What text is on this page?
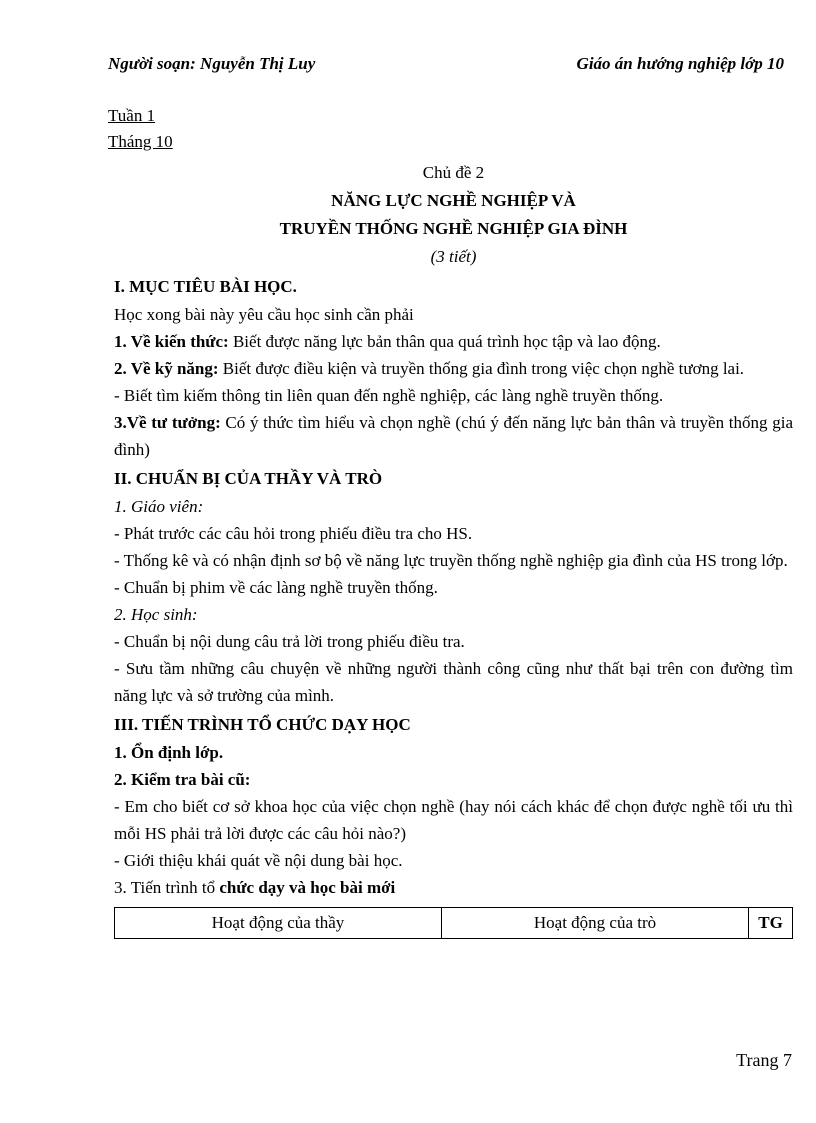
Người soạn: Nguyễn Thị Luy	Giáo án hướng nghiệp lớp 10
Tuần 1
Tháng 10
Chủ đề 2
NĂNG LỰC NGHỀ NGHIỆP VÀ
TRUYỀN THỐNG NGHỀ NGHIỆP GIA ĐÌNH
(3 tiết)
I. MỤC TIÊU BÀI HỌC.

Học xong bài này yêu cầu học sinh cần phải

1. Về kiến thức: Biết được năng lực bản thân qua quá trình học tập và lao động.

2. Về kỹ năng: Biết được điều kiện và truyền thống gia đình trong việc chọn nghề tương lai.

- Biết tìm kiếm thông tin liên quan đến nghề nghiệp, các làng nghề truyền thống.

3.Về tư tưởng: Có ý thức tìm hiểu và chọn nghề (chú ý đến năng lực bản thân và truyền thống gia đình)

II. CHUẨN BỊ CỦA THẦY VÀ TRÒ

1. Giáo viên:

- Phát trước các câu hỏi trong phiếu điều tra cho HS.

- Thống kê và có nhận định sơ bộ về năng lực truyền thống nghề nghiệp gia đình của HS trong lớp.

- Chuẩn bị phim về các làng nghề truyền thống.

2. Học sinh:

- Chuẩn bị nội dung câu trả lời trong phiếu điều tra.

- Sưu tầm những câu chuyện về những người thành công cũng như thất bại trên con đường tìm năng lực và sở trường của mình.

III. TIẾN TRÌNH TỔ CHỨC DẠY HỌC

1. Ổn định lớp.

2. Kiểm tra bài cũ:

- Em cho biết cơ sở khoa học của việc chọn nghề (hay nói cách khác để chọn được nghề tối ưu thì mỗi HS phải trả lời được các câu hỏi nào?)

- Giới thiệu khái quát về nội dung bài học.

3. Tiến trình tổ chức dạy và học bài mới

Hoạt động của thầy	Hoạt động của trò	TG
Trang 7
